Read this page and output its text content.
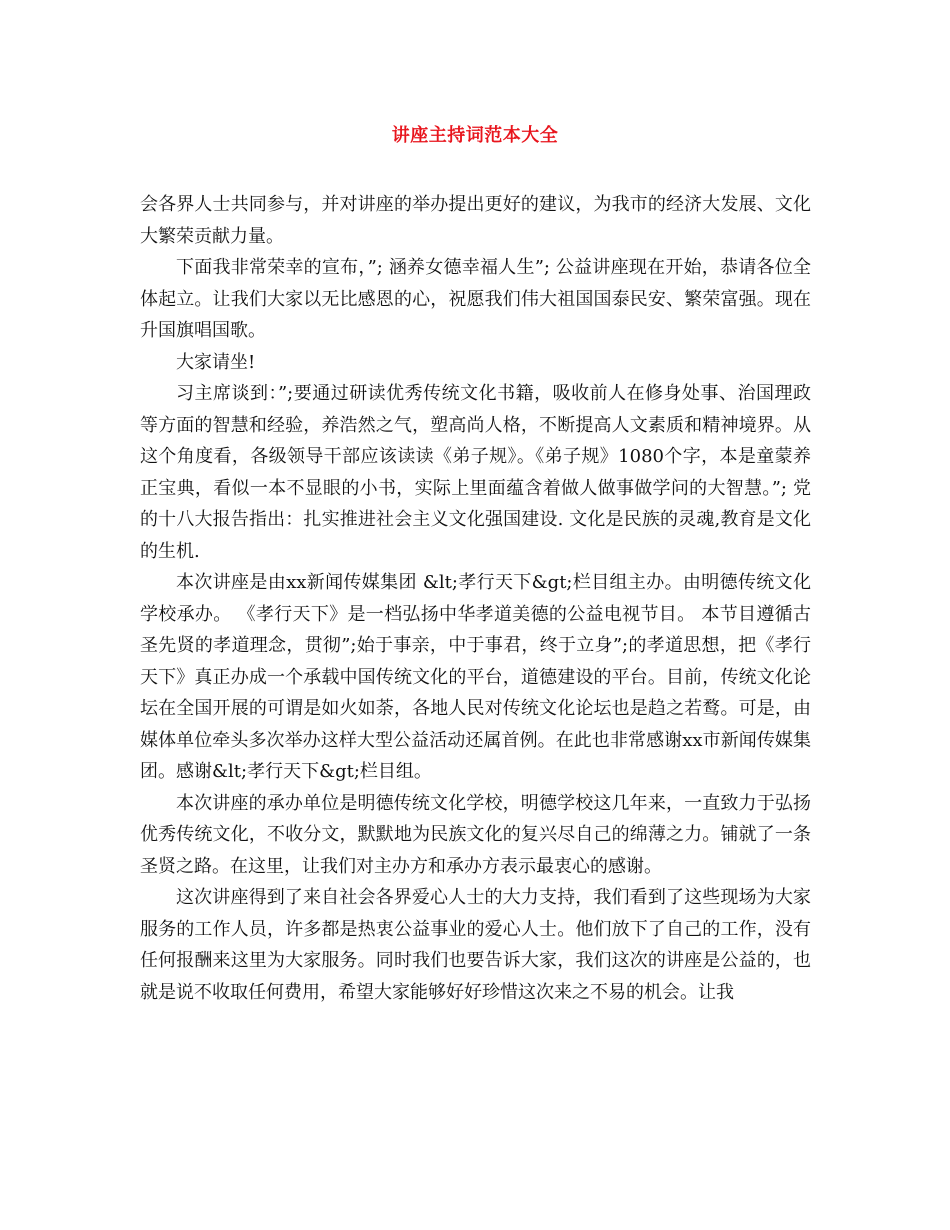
讲座主持词范本大全

会各界人士共同参与，并对讲座的举办提出更好的建议，为我市的经济大发展、文化大繁荣贡献力量。

下面我非常荣幸的宣布，”; 涵养女德幸福人生”; 公益讲座现在开始，恭请各位全体起立。让我们大家以无比感恩的心，祝愿我们伟大祖国国泰民安、繁荣富强。现在升国旗唱国歌。

大家请坐!

习主席谈到：”;要通过研读优秀传统文化书籍，吸收前人在修身处事、治国理政等方面的智慧和经验，养浩然之气，塑高尚人格，不断提高人文素质和精神境界。从这个角度看，各级领导干部应该读读《弟子规》。《弟子规》1080个字，本是童蒙养正宝典，看似一本不显眼的小书，实际上里面蕴含着做人做事做学问的大智慧。”; 党的十八大报告指出：扎实推进社会主义文化强国建设. 文化是民族的灵魂,教育是文化的生机.

本次讲座是由xx新闻传媒集团 &lt;孝行天下&gt;栏目组主办。由明德传统文化学校承办。 《孝行天下》是一档弘扬中华孝道美德的公益电视节目。 本节目遵循古圣先贤的孝道理念，贯彻”;始于事亲，中于事君，终于立身”;的孝道思想，把《孝行天下》真正办成一个承载中国传统文化的平台，道德建设的平台。目前，传统文化论坛在全国开展的可谓是如火如荼，各地人民对传统文化论坛也是趋之若鹜。可是，由媒体单位牵头多次举办这样大型公益活动还属首例。在此也非常感谢xx市新闻传媒集团。感谢&lt;孝行天下&gt;栏目组。

本次讲座的承办单位是明德传统文化学校，明德学校这几年来，一直致力于弘扬优秀传统文化，不收分文，默默地为民族文化的复兴尽自己的绵薄之力。铺就了一条圣贤之路。在这里，让我们对主办方和承办方表示最衷心的感谢。

这次讲座得到了来自社会各界爱心人士的大力支持，我们看到了这些现场为大家服务的工作人员，许多都是热衷公益事业的爱心人士。他们放下了自己的工作，没有任何报酬来这里为大家服务。同时我们也要告诉大家，我们这次的讲座是公益的，也就是说不收取任何费用，希望大家能够好好珍惜这次来之不易的机会。让我
